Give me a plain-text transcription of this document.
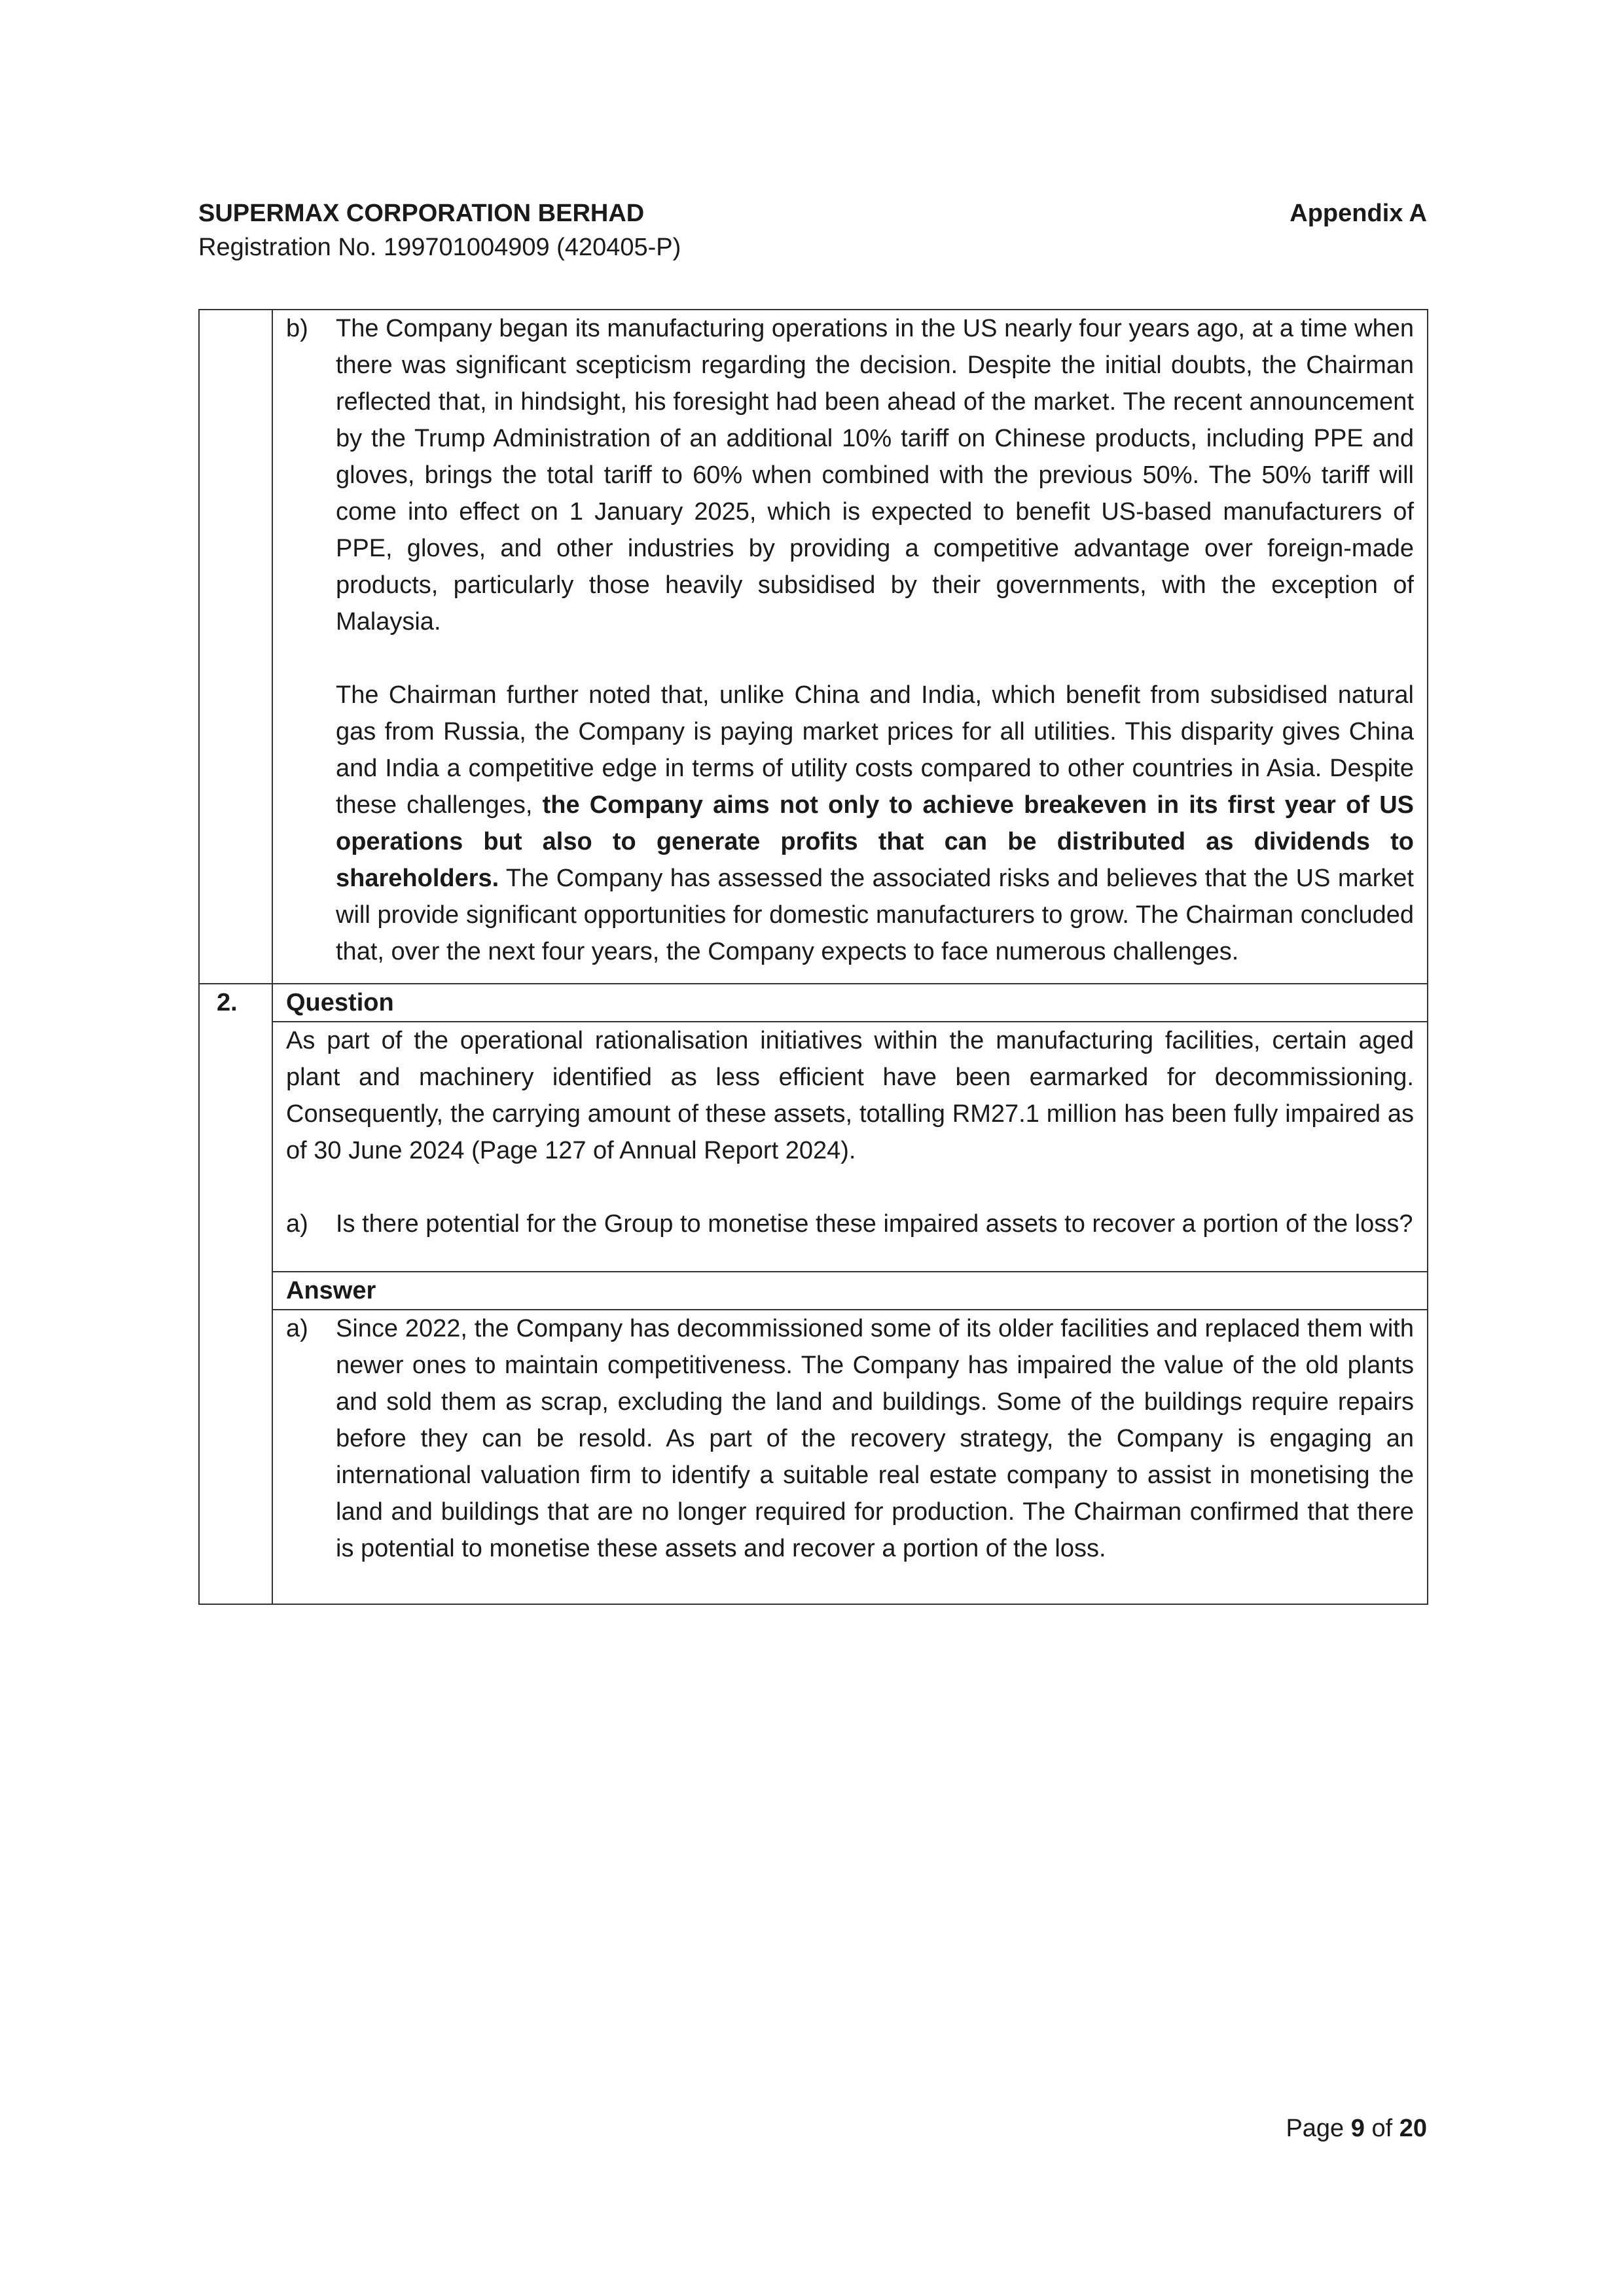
SUPERMAX CORPORATION BERHAD
Registration No. 199701004909 (420405-P)
Appendix A

	b) The Company began its manufacturing operations in the US nearly four years ago, at a time when there was significant scepticism regarding the decision. Despite the initial doubts, the Chairman reflected that, in hindsight, his foresight had been ahead of the market. The recent announcement by the Trump Administration of an additional 10% tariff on Chinese products, including PPE and gloves, brings the total tariff to 60% when combined with the previous 50%. The 50% tariff will come into effect on 1 January 2025, which is expected to benefit US-based manufacturers of PPE, gloves, and other industries by providing a competitive advantage over foreign-made products, particularly those heavily subsidised by their governments, with the exception of Malaysia.

The Chairman further noted that, unlike China and India, which benefit from subsidised natural gas from Russia, the Company is paying market prices for all utilities. This disparity gives China and India a competitive edge in terms of utility costs compared to other countries in Asia. Despite these challenges, the Company aims not only to achieve breakeven in its first year of US operations but also to generate profits that can be distributed as dividends to shareholders. The Company has assessed the associated risks and believes that the US market will provide significant opportunities for domestic manufacturers to grow. The Chairman concluded that, over the next four years, the Company expects to face numerous challenges.

2.	Question

	As part of the operational rationalisation initiatives within the manufacturing facilities, certain aged plant and machinery identified as less efficient have been earmarked for decommissioning. Consequently, the carrying amount of these assets, totalling RM27.1 million has been fully impaired as of 30 June 2024 (Page 127 of Annual Report 2024).

a) Is there potential for the Group to monetise these impaired assets to recover a portion of the loss?

	Answer

	a) Since 2022, the Company has decommissioned some of its older facilities and replaced them with newer ones to maintain competitiveness. The Company has impaired the value of the old plants and sold them as scrap, excluding the land and buildings. Some of the buildings require repairs before they can be resold. As part of the recovery strategy, the Company is engaging an international valuation firm to identify a suitable real estate company to assist in monetising the land and buildings that are no longer required for production. The Chairman confirmed that there is potential to monetise these assets and recover a portion of the loss.
Page 9 of 20
